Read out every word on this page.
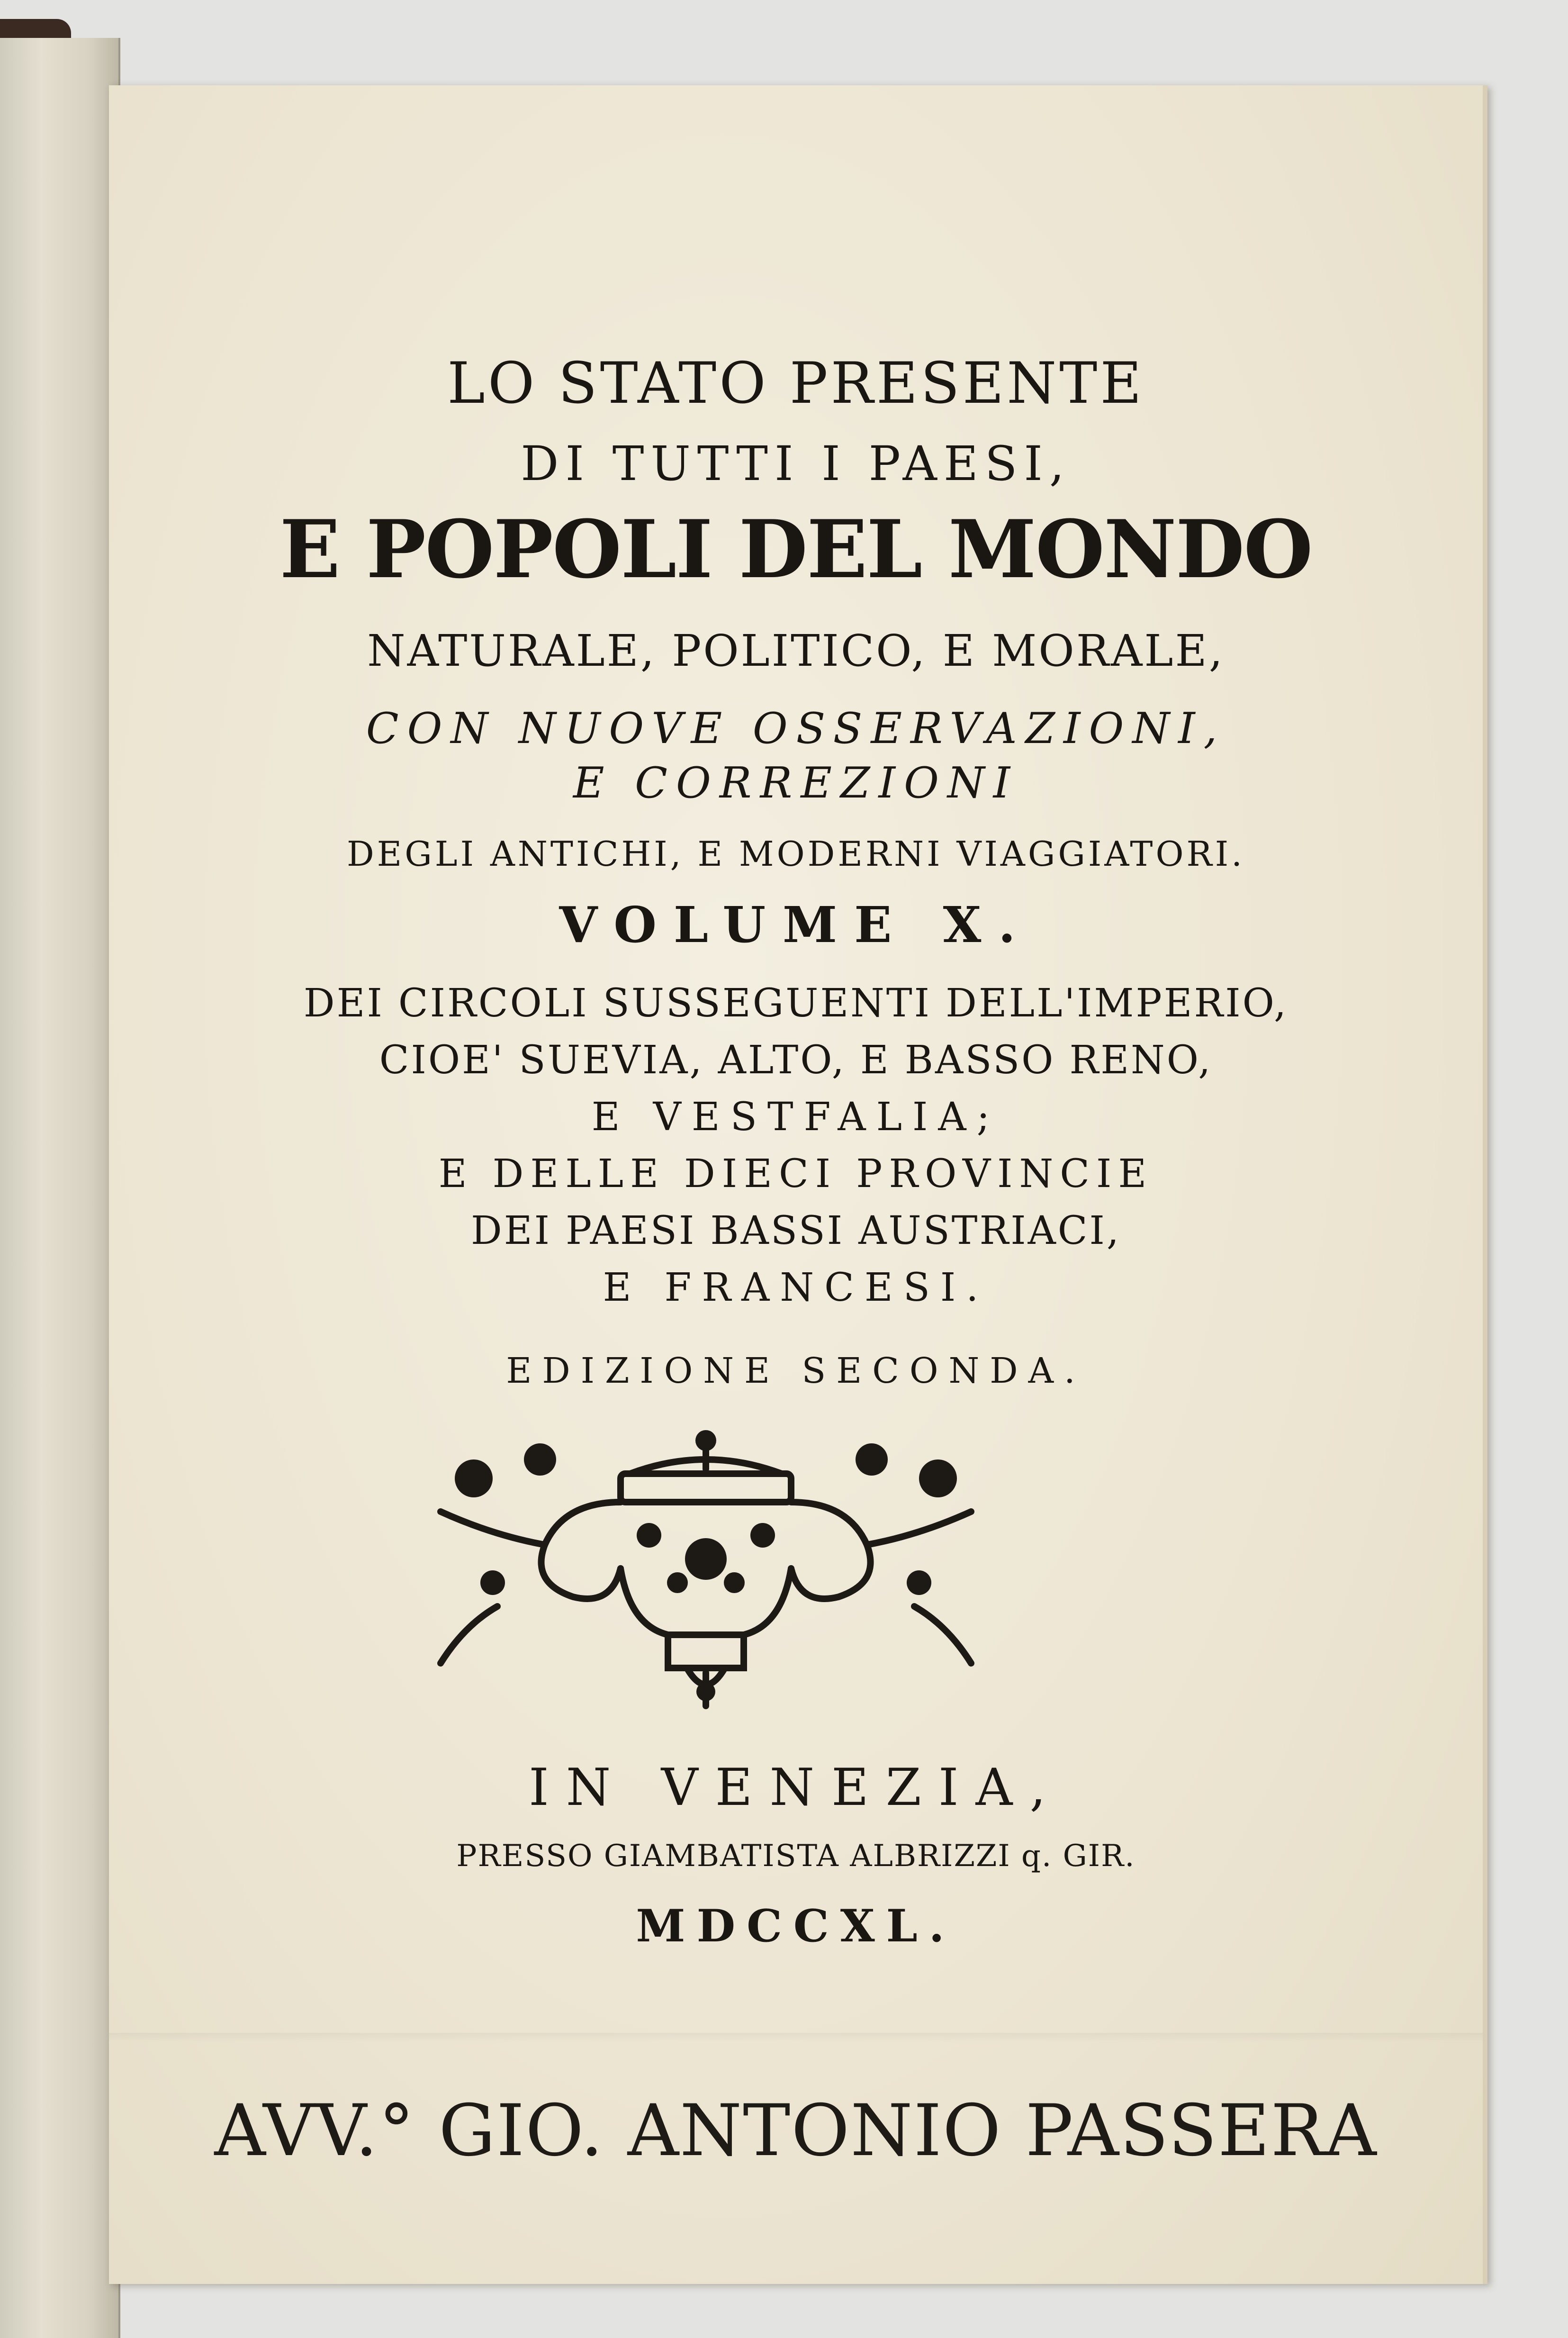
LO STATO PRESENTE
DI TUTTI I PAESI,
E POPOLI DEL MONDO
NATURALE, POLITICO, E MORALE,
CON NUOVE OSSERVAZIONI,
E CORREZIONI
DEGLI ANTICHI, E MODERNI VIAGGIATORI.
VOLUME X.
DEI CIRCOLI SUSSEGUENTI DELL'IMPERIO,
CIOE' SUEVIA, ALTO, E BASSO RENO,
E VESTFALIA;
E DELLE DIECI PROVINCIE
DEI PAESI BASSI AUSTRIACI,
E FRANCESI.
EDIZIONE SECONDA.
IN VENEZIA,
PRESSO GIAMBATISTA ALBRIZZI q. GIR.
MDCCXL.
AVV.° GIO. ANTONIO PASSERA
